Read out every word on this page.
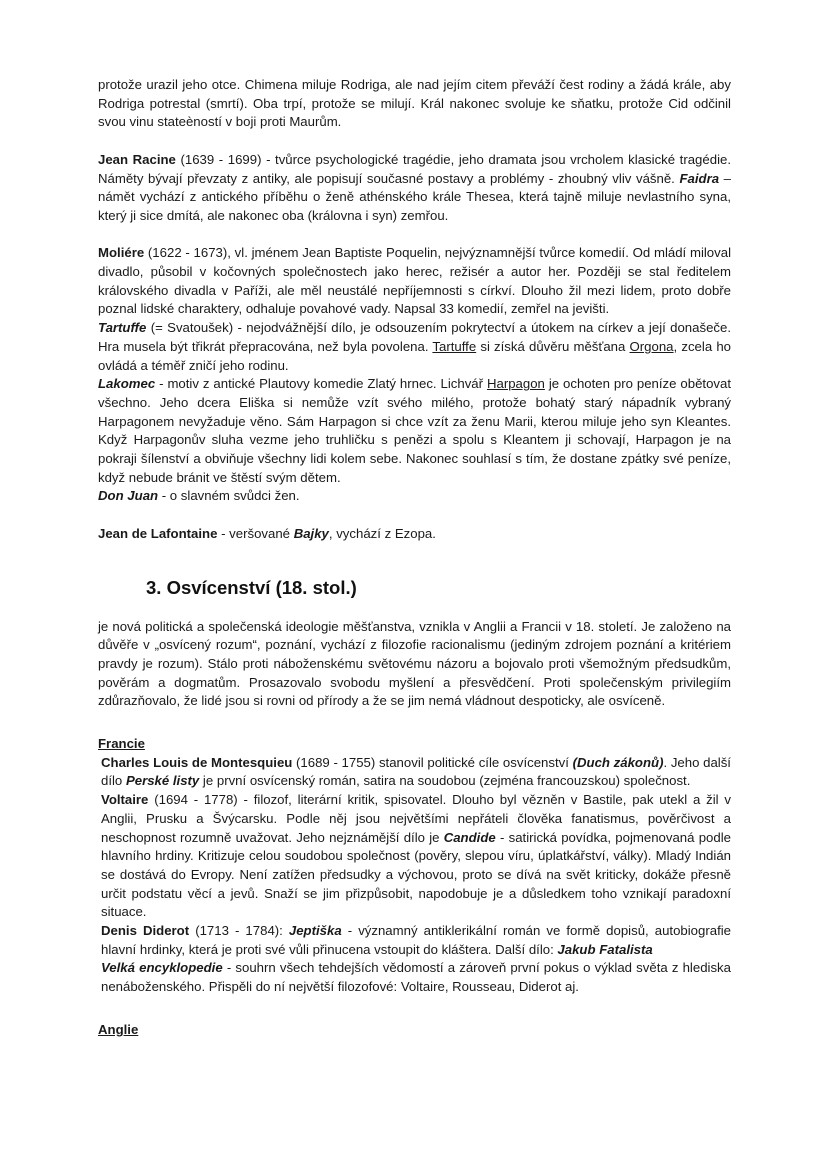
protože urazil jeho otce. Chimena miluje Rodriga, ale nad jejím citem převáží čest rodiny a žádá krále, aby Rodriga potrestal (smrtí). Oba trpí, protože se milují. Král nakonec svoluje ke sňatku, protože Cid odčinil svou vinu stateèností v boji proti Maurům.

Jean Racine (1639 - 1699) - tvůrce psychologické tragédie, jeho dramata jsou vrcholem klasické tragédie. Náměty bývají převzaty z antiky, ale popisují současné postavy a problémy - zhoubný vliv vášně. Faidra – námět vychází z antického příběhu o ženě athénského krále Thesea, která tajně miluje nevlastního syna, který ji sice dmítá, ale nakonec oba (královna i syn) zemřou.

Moliére (1622 - 1673), vl. jménem Jean Baptiste Poquelin, nejvýznamnější tvůrce komedií. Od mládí miloval divadlo, působil v kočovných společnostech jako herec, režisér a autor her. Později se stal ředitelem královského divadla v Paříži, ale měl neustálé nepříjemnosti s církví. Dlouho žil mezi lidem, proto dobře poznal lidské charaktery, odhaluje povahové vady. Napsal 33 komedií, zemřel na jevišti.

Tartuffe (= Svatoušek) - nejodvážnější dílo, je odsouzením pokrytectví a útokem na církev a její donašeče. Hra musela být třikrát přepracována, než byla povolena. Tartuffe si získá důvěru měšťana Orgona, zcela ho ovládá a téměř zničí jeho rodinu.

Lakomec - motiv z antické Plautovy komedie Zlatý hrnec. Lichvář Harpagon je ochoten pro peníze obětovat všechno. Jeho dcera Eliška si nemůže vzít svého milého, protože bohatý starý nápadník vybraný Harpagonem nevyžaduje věno. Sám Harpagon si chce vzít za ženu Marii, kterou miluje jeho syn Kleantes. Když Harpagonův sluha vezme jeho truhličku s penězi a spolu s Kleantem ji schovají, Harpagon je na pokraji šílenství a obviňuje všechny lidi kolem sebe. Nakonec souhlasí s tím, že dostane zpátky své peníze, když nebude bránit ve štěstí svým dětem.

Don Juan - o slavném svůdci žen.

Jean de Lafontaine - veršované Bajky, vychází z Ezopa.

3. Osvícenství (18. stol.)

je nová politická a společenská ideologie měšťanstva, vznikla v Anglii a Francii v 18. století. Je založeno na důvěře v „osvícený rozum“, poznání, vychází z filozofie racionalismu (jediným zdrojem poznání a kritériem pravdy je rozum). Stálo proti náboženskému světovému názoru a bojovalo proti všemožným předsudkům, pověrám a dogmatům. Prosazovalo svobodu myšlení a přesvědčení. Proti společenským privilegiím zdůrazňovalo, že lidé jsou si rovni od přírody a že se jim nemá vládnout despoticky, ale osvíceně.

Francie

Charles Louis de Montesquieu (1689 - 1755) stanovil politické cíle osvícenství (Duch zákonů). Jeho další dílo Perské listy je první osvícenský román, satira na soudobou (zejména francouzskou) společnost.

Voltaire (1694 - 1778) - filozof, literární kritik, spisovatel. Dlouho byl vězněn v Bastile, pak utekl a žil v Anglii, Prusku a Švýcarsku. Podle něj jsou největšími nepřáteli člověka fanatismus, pověrčivost a neschopnost rozumně uvažovat. Jeho nejznámější dílo je Candide - satirická povídka, pojmenovaná podle hlavního hrdiny. Kritizuje celou soudobou společnost (pověry, slepou víru, úplatkářství, války). Mladý Indián se dostává do Evropy. Není zatížen předsudky a výchovou, proto se dívá na svět kriticky, dokáže přesně určit podstatu věcí a jevů. Snaží se jim přizpůsobit, napodobuje je a důsledkem toho vznikají paradoxní situace.

Denis Diderot (1713 - 1784): Jeptiška - významný antiklerikální román ve formě dopisů, autobiografie hlavní hrdinky, která je proti své vůli přinucena vstoupit do kláštera. Další dílo: Jakub Fatalista

Velká encyklopedie - souhrn všech tehdejších vědomostí a zároveň první pokus o výklad světa z hlediska nenáboženského. Přispěli do ní největší filozofové: Voltaire, Rousseau, Diderot aj.

Anglie
